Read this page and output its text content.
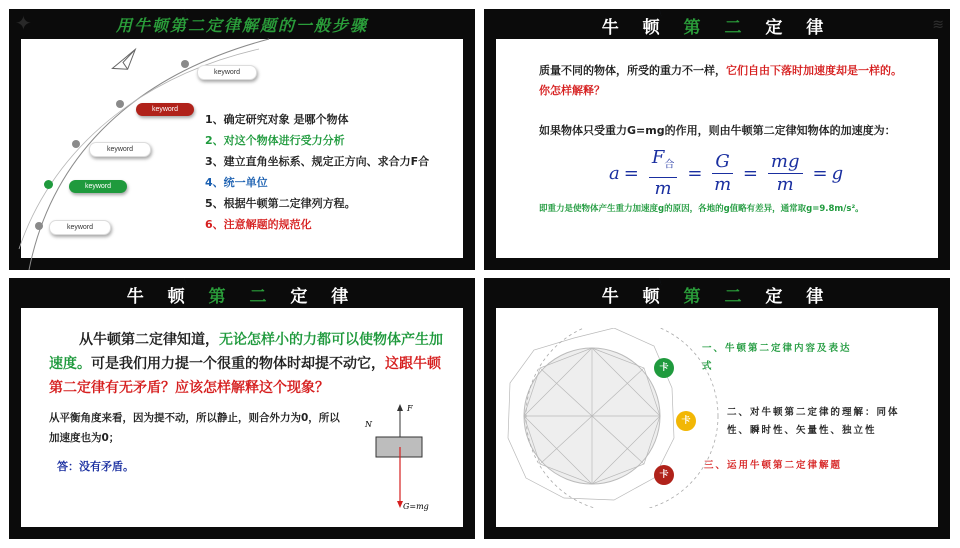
✦	用牛顿第二定律解题的一般步骤
keyword
keyword
keyword
keyword
keyword
1、确定研究对象 是哪个物体
2、对这个物体进行受力分析
3、建立直角坐标系、规定正方向、求合力F合
4、统一单位
5、根据牛顿第二定律列方程。
6、注意解题的规范化
≋
牛 顿 第 二 定 律
质量不同的物体，所受的重力不一样，它们自由下落时加速度却是一样的。你怎样解释？
如果物体只受重力G=mg的作用，则由牛顿第二定律知物体的加速度为：
$a = \frac{F_合}{m} = \frac{G}{m} = \frac{mg}{m} = g$
即重力是使物体产生重力加速度g的原因，各地的g值略有差异，通常取g=9.8m/s²。
牛 顿 第 二 定 律
从牛顿第二定律知道，无论怎样小的力都可以使物体产生加速度。可是我们用力提一个很重的物体时却提不动它，这跟牛顿第二定律有无矛盾？应该怎样解释这个现象？
从平衡角度来看，因为提不动，所以静止，则合外力为0，所以加速度也为0；
答：没有矛盾。
N
F
G=mg
牛 顿 第 二 定 律
卡
卡
卡
一、牛顿第二定律内容及表达式
二、对牛顿第二定律的理解：同体性、瞬时性、矢量性、独立性
三、运用牛顿第二定律解题
